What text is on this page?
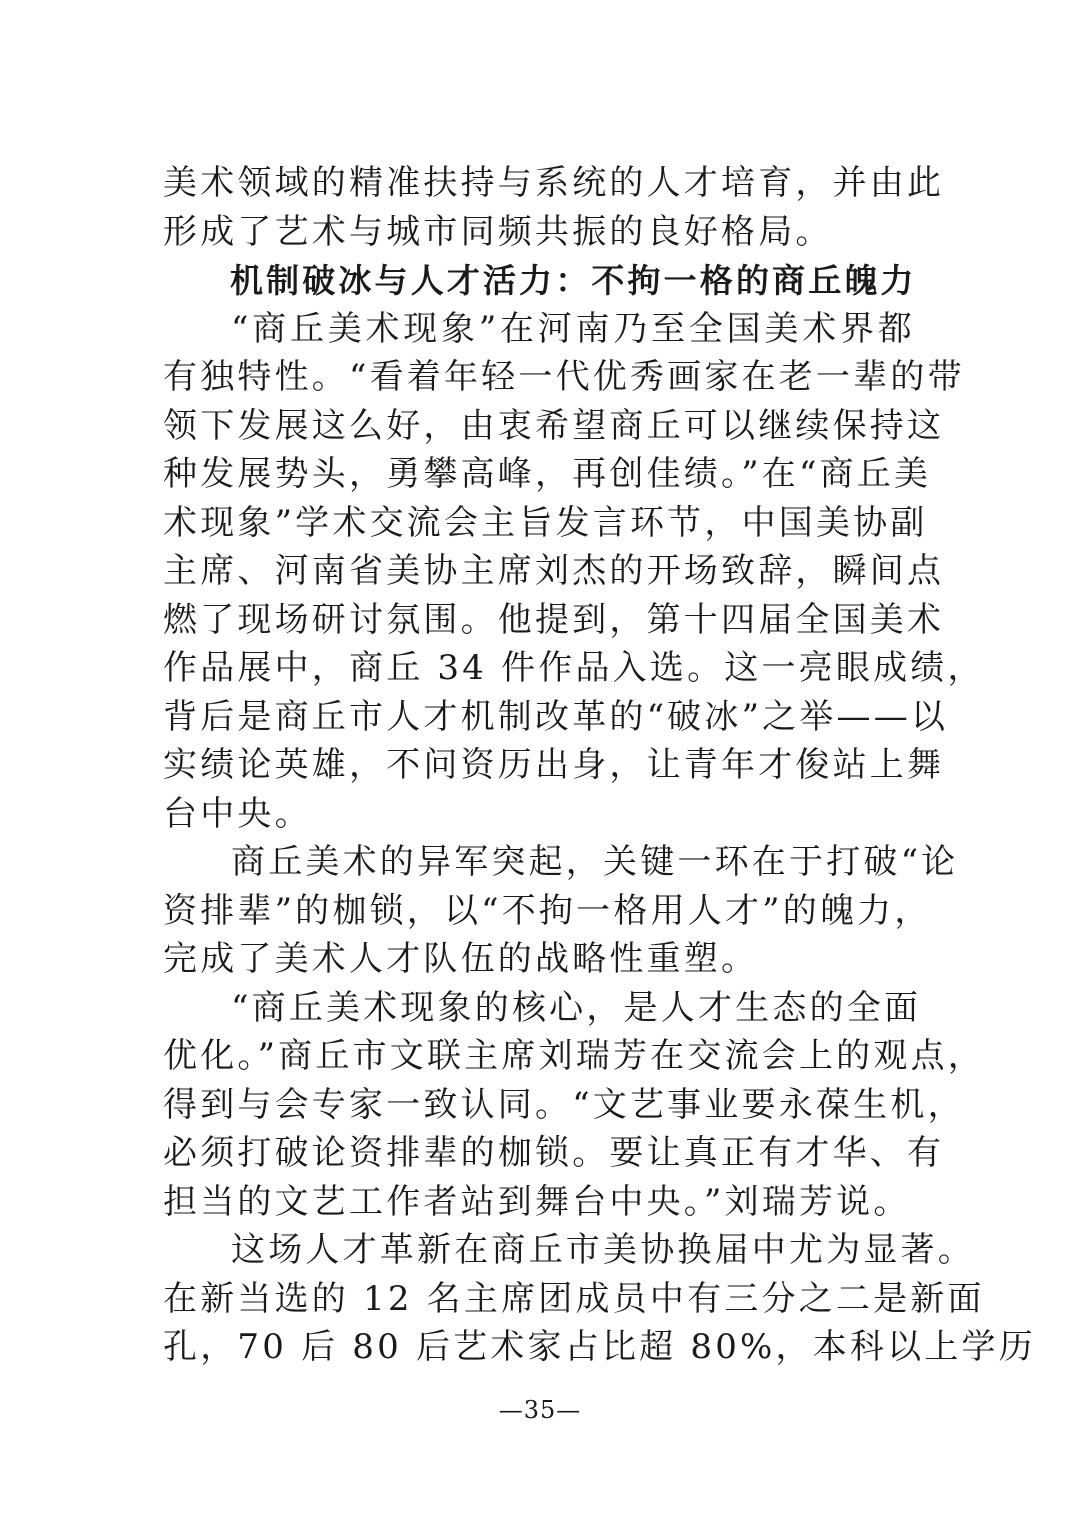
美术领域的精准扶持与系统的人才培育，并由此
形成了艺术与城市同频共振的良好格局。
机制破冰与人才活力：不拘一格的商丘魄力
“商丘美术现象”在河南乃至全国美术界都
有独特性。“看着年轻一代优秀画家在老一辈的带
领下发展这么好，由衷希望商丘可以继续保持这
种发展势头，勇攀高峰，再创佳绩。”在“商丘美
术现象”学术交流会主旨发言环节，中国美协副
主席、河南省美协主席刘杰的开场致辞，瞬间点
燃了现场研讨氛围。他提到，第十四届全国美术
作品展中，商丘 34 件作品入选。这一亮眼成绩，
背后是商丘市人才机制改革的“破冰”之举——以
实绩论英雄，不问资历出身，让青年才俊站上舞
台中央。
商丘美术的异军突起，关键一环在于打破“论
资排辈”的枷锁，以“不拘一格用人才”的魄力，
完成了美术人才队伍的战略性重塑。
“商丘美术现象的核心，是人才生态的全面
优化。”商丘市文联主席刘瑞芳在交流会上的观点，
得到与会专家一致认同。“文艺事业要永葆生机，
必须打破论资排辈的枷锁。要让真正有才华、有
担当的文艺工作者站到舞台中央。”刘瑞芳说。
这场人才革新在商丘市美协换届中尤为显著。
在新当选的 12 名主席团成员中有三分之二是新面
孔，70 后 80 后艺术家占比超 80%，本科以上学历
—35—
